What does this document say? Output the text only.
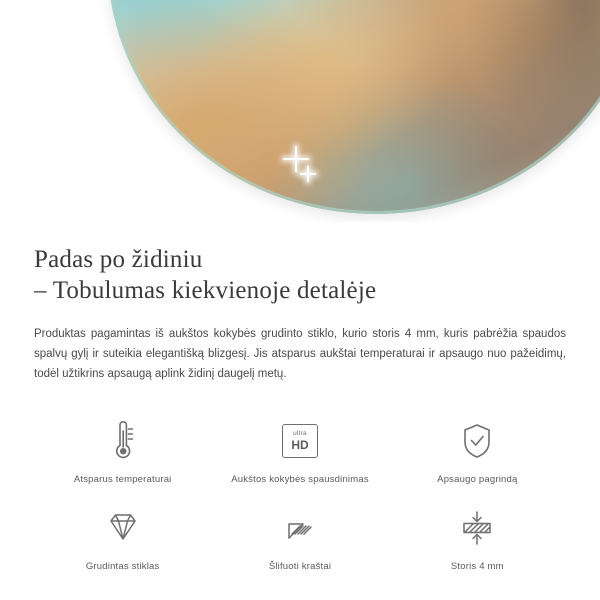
Padas po židiniu
– Tobulumas kiekvienoje detalėje

Produktas pagamintas iš aukštos kokybės grudinto stiklo, kurio storis 4 mm, kuris pabrėžia spaudos spalvų gylį ir suteikia elegantišką blizgesį. Jis atsparus aukštai temperaturai ir apsaugo nuo pažeidimų, todėl užtikrins apsaugą aplink židinį daugelį metų.

Atsparus temperaturai
ultra
HD
Aukštos kokybės spausdinimas	Apsaugo pagrindą
Grudintas stiklas	Šlifuoti kraštai	Storis 4 mm
